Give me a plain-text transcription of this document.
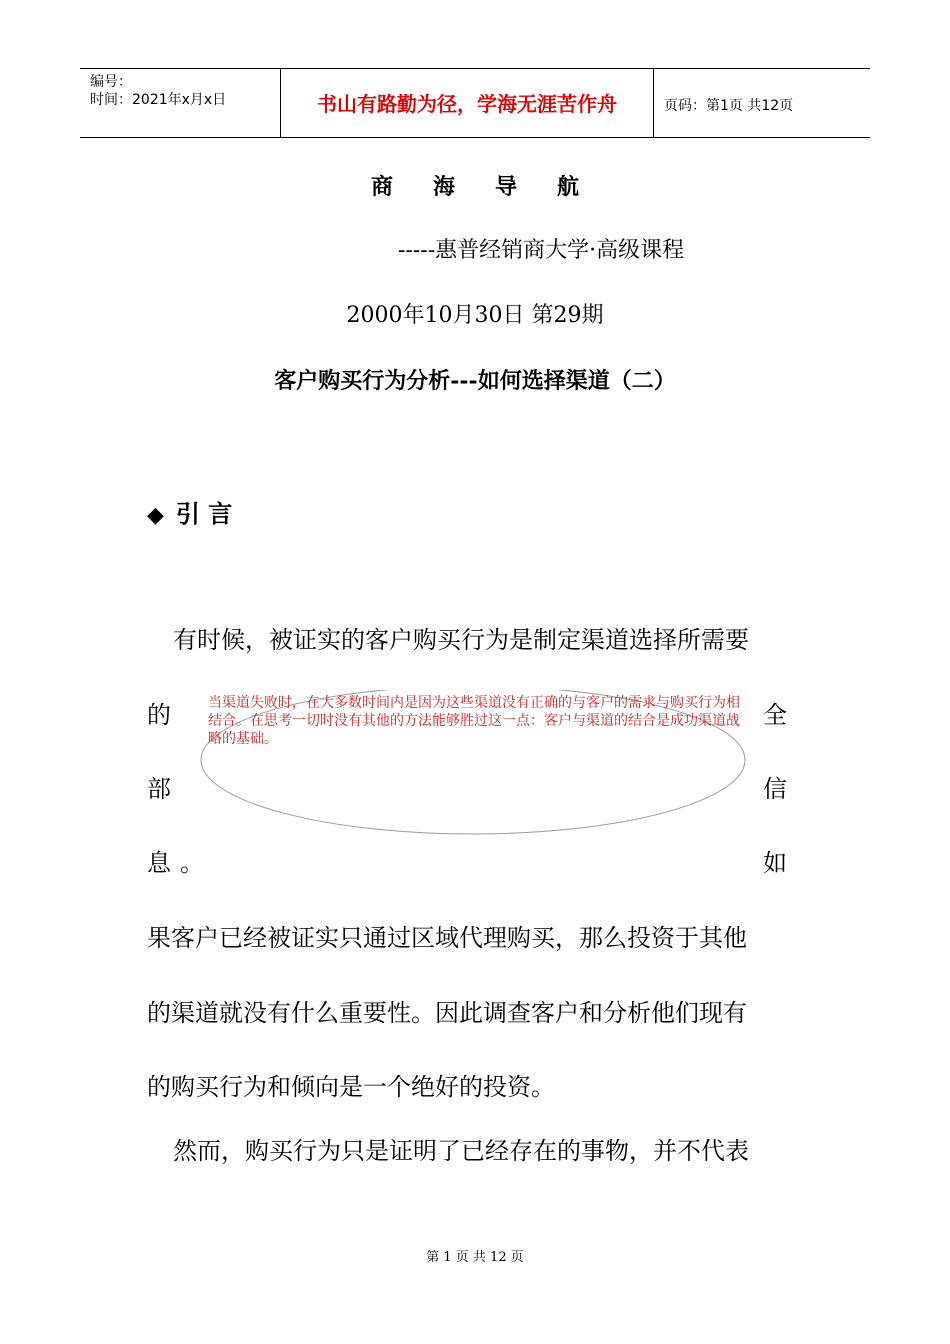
编号：
时间：2021年x月x日	书山有路勤为径，学海无涯苦作舟	页码：第1页 共12页
商海导航
-----惠普经销商大学·高级课程
2000年10月30日 第29期
客户购买行为分析---如何选择渠道（二）
◆ 引 言
有时候，被证实的客户购买行为是制定渠道选择所需要
的	全
部	信
息 。	如
果客户已经被证实只通过区域代理购买，那么投资于其他
的渠道就没有什么重要性。因此调查客户和分析他们现有
的购买行为和倾向是一个绝好的投资。
然而，购买行为只是证明了已经存在的事物，并不代表
当渠道失败时，在大多数时间内是因为这些渠道没有正确的与客户的需求与购买行为相结合。在思考一切时没有其他的方法能够胜过这一点：客户与渠道的结合是成功渠道战略的基础。
第 1 页 共 12 页
